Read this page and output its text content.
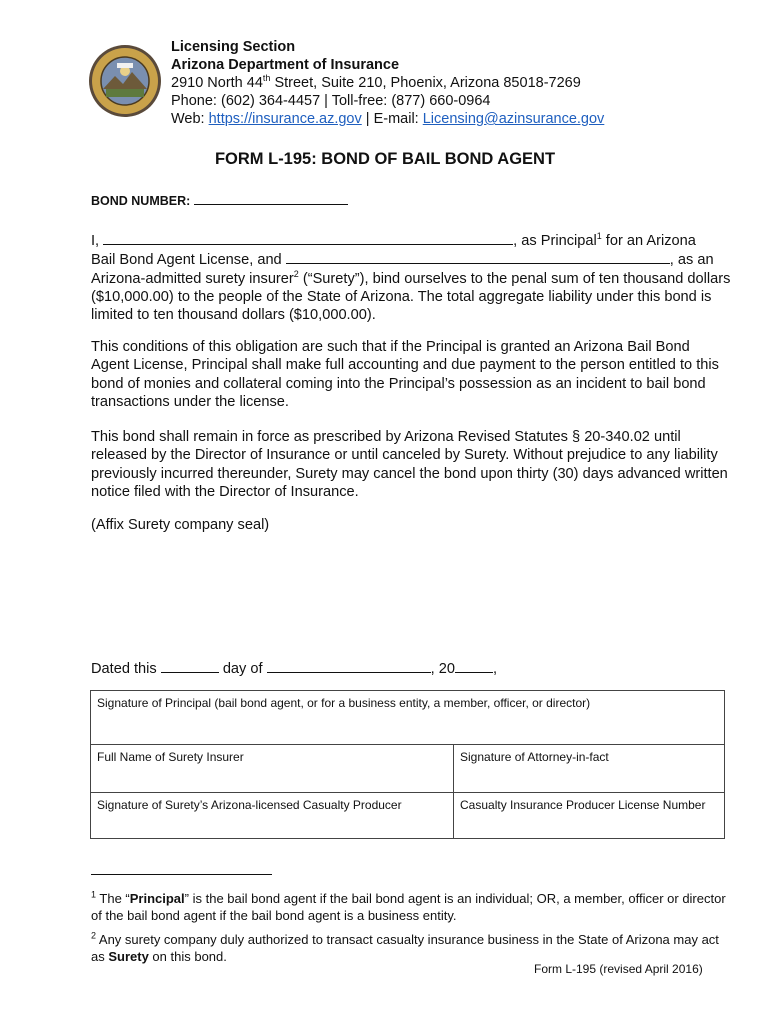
Licensing Section
Arizona Department of Insurance
2910 North 44th Street, Suite 210, Phoenix, Arizona 85018-7269
Phone: (602) 364-4457 | Toll-free: (877) 660-0964
Web: https://insurance.az.gov | E-mail: Licensing@azinsurance.gov
FORM L-195: BOND OF BAIL BOND AGENT
BOND NUMBER:
I,	, as Principal$^1$ for an Arizona
Bail Bond Agent License, and	, as an
Arizona-admitted surety insurer$^2$ (“Surety”), bind ourselves to the penal sum of ten thousand dollars ($10,000.00) to the people of the State of Arizona. The total aggregate liability under this bond is limited to ten thousand dollars ($10,000.00).
This conditions of this obligation are such that if the Principal is granted an Arizona Bail Bond Agent License, Principal shall make full accounting and due payment to the person entitled to this bond of monies and collateral coming into the Principal’s possession as an incident to bail bond transactions under the license.
This bond shall remain in force as prescribed by Arizona Revised Statutes § 20-340.02 until released by the Director of Insurance or until canceled by Surety. Without prejudice to any liability previously incurred thereunder, Surety may cancel the bond upon thirty (30) days advanced written notice filed with the Director of Insurance.
(Affix Surety company seal)
Dated this	day of	, 20	,
Signature of Principal (bail bond agent, or for a business entity, a member, officer, or director)	
Full Name of Surety Insurer	Signature of Attorney-in-fact
Signature of Surety’s Arizona-licensed Casualty Producer	Casualty Insurance Producer License Number
$^1$ The “Principal” is the bail bond agent if the bail bond agent is an individual; OR, a member, officer or director of the bail bond agent if the bail bond agent is a business entity.
$^2$ Any surety company duly authorized to transact casualty insurance business in the State of Arizona may act as Surety on this bond.
Form L-195 (revised April 2016)
